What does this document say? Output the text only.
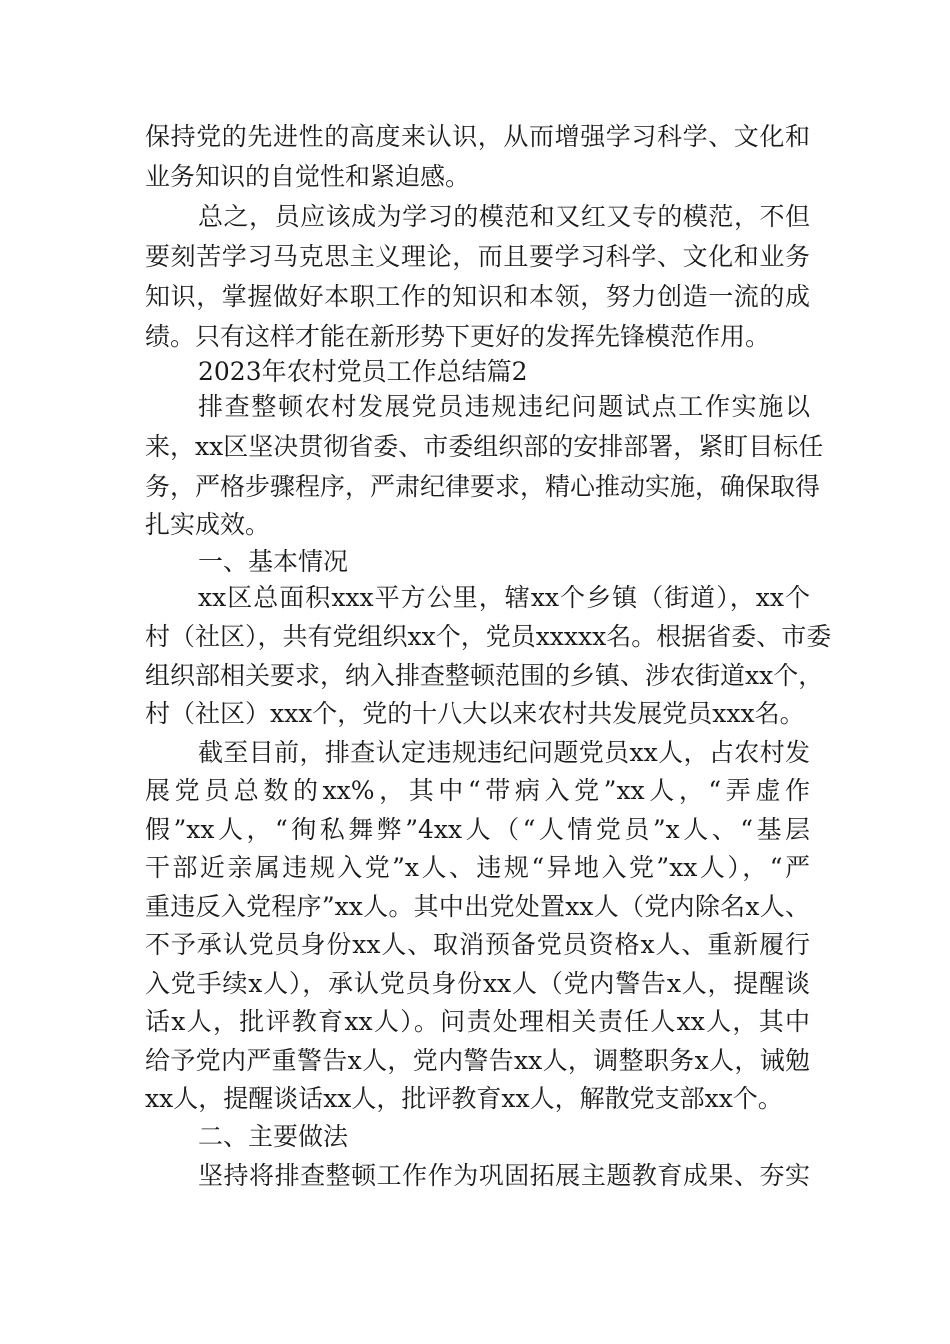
保持党的先进性的高度来认识，从而增强学习科学、文化和
业务知识的自觉性和紧迫感。
总之，员应该成为学习的模范和又红又专的模范，不但
要刻苦学习马克思主义理论，而且要学习科学、文化和业务
知识，掌握做好本职工作的知识和本领，努力创造一流的成
绩。只有这样才能在新形势下更好的发挥先锋模范作用。
2023年农村党员工作总结篇2
排查整顿农村发展党员违规违纪问题试点工作实施以
来，xx区坚决贯彻省委、市委组织部的安排部署，紧盯目标任
务，严格步骤程序，严肃纪律要求，精心推动实施，确保取得
扎实成效。
一、基本情况
xx区总面积xxx平方公里，辖xx个乡镇（街道），xx个
村（社区），共有党组织xx个，党员xxxxx名。根据省委、市委
组织部相关要求，纳入排查整顿范围的乡镇、涉农街道xx个，
村（社区）xxx个，党的十八大以来农村共发展党员xxx名。
截至目前，排查认定违规违纪问题党员xx人，占农村发
展党员总数的xx%，其中“带病入党”xx人，“弄虚作
假”xx人，“徇私舞弊”4xx人（“人情党员”x人、“基层
干部近亲属违规入党”x人、违规“异地入党”xx人），“严
重违反入党程序”xx人。其中出党处置xx人（党内除名x人、
不予承认党员身份xx人、取消预备党员资格x人、重新履行
入党手续x人），承认党员身份xx人（党内警告x人，提醒谈
话x人，批评教育xx人）。问责处理相关责任人xx人，其中
给予党内严重警告x人，党内警告xx人，调整职务x人，诫勉
xx人，提醒谈话xx人，批评教育xx人，解散党支部xx个。
二、主要做法
坚持将排查整顿工作作为巩固拓展主题教育成果、夯实
